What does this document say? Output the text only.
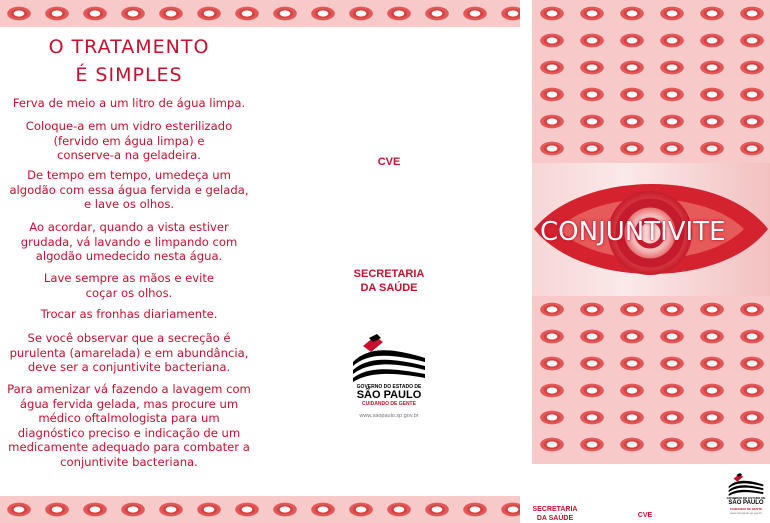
O TRATAMENTO
É SIMPLES
Ferva de meio a um litro de água limpa.
Coloque-a em um vidro esterilizado
(fervido em água limpa) e
conserve-a na geladeira.
De tempo em tempo, umedeça um
algodão com essa água fervida e gelada,
e lave os olhos.
Ao acordar, quando a vista estiver
grudada, vá lavando e limpando com
algodão umedecido nesta água.
Lave sempre as mãos e evite
coçar os olhos.
Trocar as fronhas diariamente.
Se você observar que a secreção é
purulenta (amarelada) e em abundância,
deve ser a conjuntivite bacteriana.
Para amenizar vá fazendo a lavagem com
água fervida gelada, mas procure um
médico oftalmologista para um
diagnóstico preciso e indicação de um
medicamente adequado para combater a
conjuntivite bacteriana.
CVE
SECRETARIA
DA SAÚDE
GOVERNO DO ESTADO DE
SÃO PAULO
CUIDANDO DE GENTE
www.saopaulo.sp.gov.br
CONJUNTIVITE
SECRETARIA
DA SAÚDE	CVE
GOVERNO DO ESTADO DE
SÃO PAULO
CUIDANDO DE GENTE
www.saopaulo.sp.gov.br
